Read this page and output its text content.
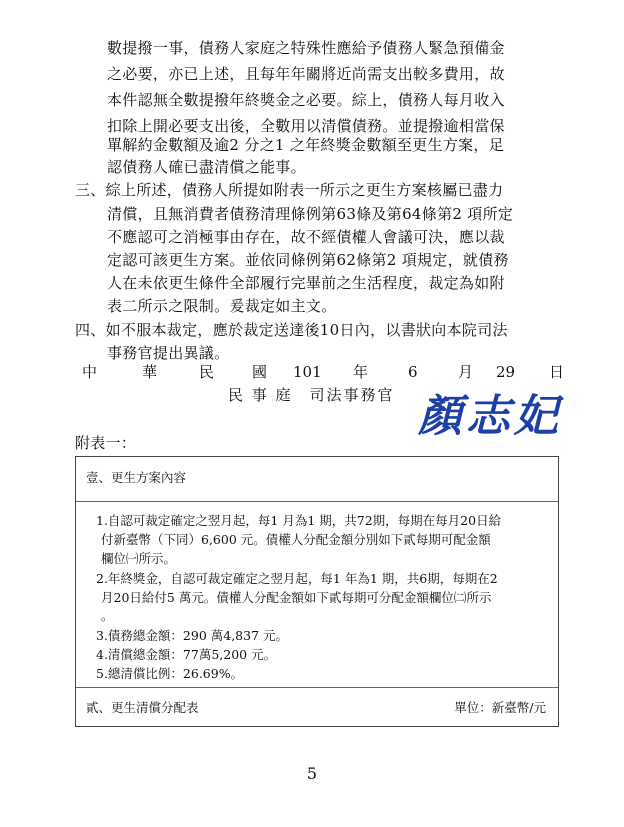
數提撥一事，債務人家庭之特殊性應給予債務人緊急預備金
之必要，亦已上述，且每年年關將近尚需支出較多費用，故
本件認無全數提撥年終獎金之必要。綜上，債務人每月收入
扣除上開必要支出後，全數用以清償債務。並提撥逾相當保
單解約金數額及逾2 分之1 之年終獎金數額至更生方案，足
認債務人確已盡清償之能事。
三、綜上所述，債務人所提如附表一所示之更生方案核屬已盡力
清償，且無消費者債務清理條例第63條及第64條第2 項所定
不應認可之消極事由存在，故不經債權人會議可決，應以裁
定認可該更生方案。並依同條例第62條第2 項規定，就債務
人在未依更生條件全部履行完畢前之生活程度，裁定為如附
表二所示之限制。爰裁定如主文。
四、如不服本裁定，應於裁定送達後10日內，以書狀向本院司法
事務官提出異議。
中	華	民	國 101 年	6	月 29 日
民 事 庭　司法事務官 顏志妃
附表一：
壹、更生方案內容
1.自認可裁定確定之翌月起，每1 月為1 期，共72期，每期在每月20日給
付新臺幣（下同）6,600 元。債權人分配金額分別如下貳每期可配金額
欄位㈠所示。
2.年終獎金，自認可裁定確定之翌月起，每1 年為1 期，共6期，每期在2
月20日給付5 萬元。債權人分配金額如下貳每期可分配金額欄位㈡所示
。
3.債務總金額：290 萬4,837 元。
4.清償總金額：77萬5,200 元。
5.總清償比例：26.69%。
貳、更生清償分配表	單位：新臺幣/元
5
